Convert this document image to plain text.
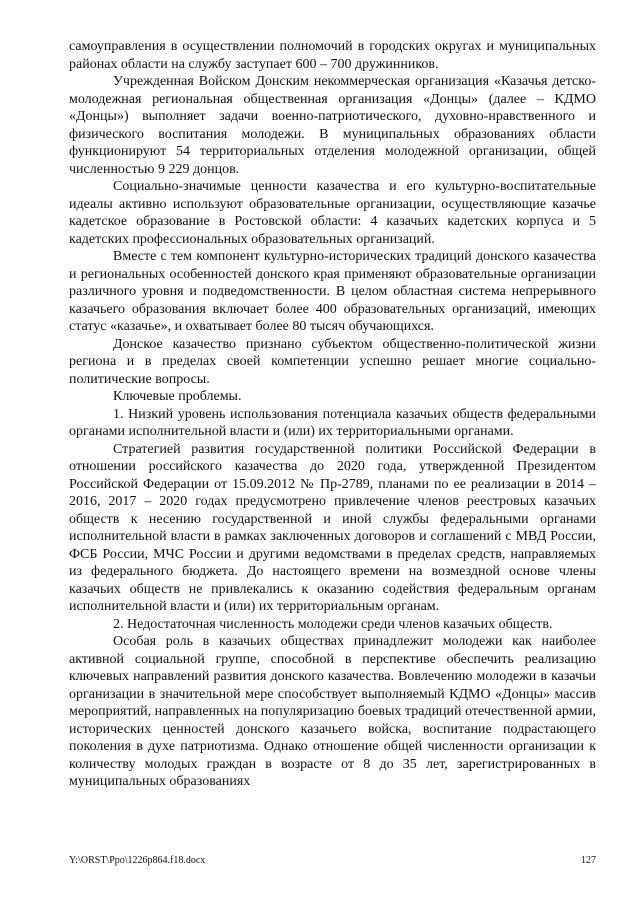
самоуправления в осуществлении полномочий в городских округах и муниципальных районах области на службу заступает 600 – 700 дружинников.

Учрежденная Войском Донским некоммерческая организация «Казачья детско-молодежная региональная общественная организация «Донцы» (далее – КДМО «Донцы») выполняет задачи военно-патриотического, духовно-нравственного и физического воспитания молодежи. В муниципальных образованиях области функционируют 54 территориальных отделения молодежной организации, общей численностью 9 229 донцов.

Социально-значимые ценности казачества и его культурно-воспитательные идеалы активно используют образовательные организации, осуществляющие казачье кадетское образование в Ростовской области: 4 казачьих кадетских корпуса и 5 кадетских профессиональных образовательных организаций.

Вместе с тем компонент культурно-исторических традиций донского казачества и региональных особенностей донского края применяют образовательные организации различного уровня и подведомственности. В целом областная система непрерывного казачьего образования включает более 400 образовательных организаций, имеющих статус «казачье», и охватывает более 80 тысяч обучающихся.

Донское казачество признано субъектом общественно-политической жизни региона и в пределах своей компетенции успешно решает многие социально-политические вопросы.

Ключевые проблемы.

1. Низкий уровень использования потенциала казачьих обществ федеральными органами исполнительной власти и (или) их территориальными органами.

Стратегией развития государственной политики Российской Федерации в отношении российского казачества до 2020 года, утвержденной Президентом Российской Федерации от 15.09.2012 № Пр-2789, планами по ее реализации в 2014 – 2016, 2017 – 2020 годах предусмотрено привлечение членов реестровых казачьих обществ к несению государственной и иной службы федеральными органами исполнительной власти в рамках заключенных договоров и соглашений с МВД России, ФСБ России, МЧС России и другими ведомствами в пределах средств, направляемых из федерального бюджета. До настоящего времени на возмездной основе члены казачьих обществ не привлекались к оказанию содействия федеральным органам исполнительной власти и (или) их территориальным органам.

2. Недостаточная численность молодежи среди членов казачьих обществ.

Особая роль в казачьих обществах принадлежит молодежи как наиболее активной социальной группе, способной в перспективе обеспечить реализацию ключевых направлений развития донского казачества. Вовлечению молодежи в казачьи организации в значительной мере способствует выполняемый КДМО «Донцы» массив мероприятий, направленных на популяризацию боевых традиций отечественной армии, исторических ценностей донского казачьего войска, воспитание подрастающего поколения в духе патриотизма. Однако отношение общей численности организации к количеству молодых граждан в возрасте от 8 до 35 лет, зарегистрированных в муниципальных образованиях

Y:\ORST\Ppo\1226p864.f18.docx	127
